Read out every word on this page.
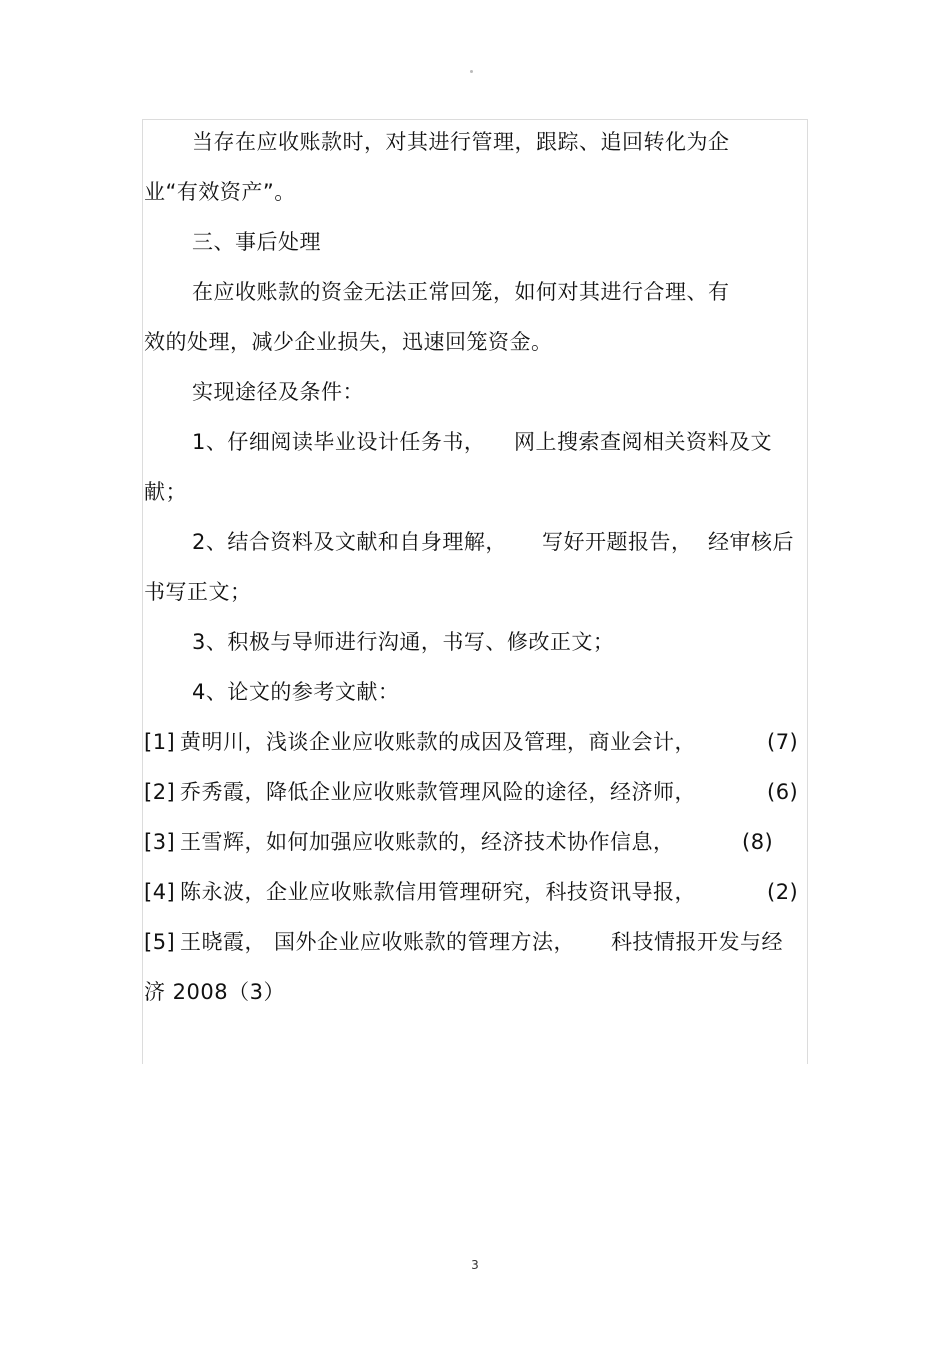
当存在应收账款时，对其进行管理，跟踪、追回转化为企
业“有效资产”。
三、事后处理
在应收账款的资金无法正常回笼，如何对其进行合理、有
效的处理，减少企业损失，迅速回笼资金。
实现途径及条件：
1、仔细阅读毕业设计任务书， 网上搜索查阅相关资料及文
献；
2、结合资料及文献和自身理解， 写好开题报告， 经审核后
书写正文；
3、积极与导师进行沟通，书写、修改正文；
4、论文的参考文献：
[1] 黄明川，浅谈企业应收账款的成因及管理，商业会计，	(7)
[2] 乔秀霞，降低企业应收账款管理风险的途径，经济师，	(6)
[3] 王雪辉，如何加强应收账款的，经济技术协作信息，	(8)
[4] 陈永波，企业应收账款信用管理研究，科技资讯导报，	(2)
[5] 王晓霞， 国外企业应收账款的管理方法， 科技情报开发与经
济 2008（3）
3
